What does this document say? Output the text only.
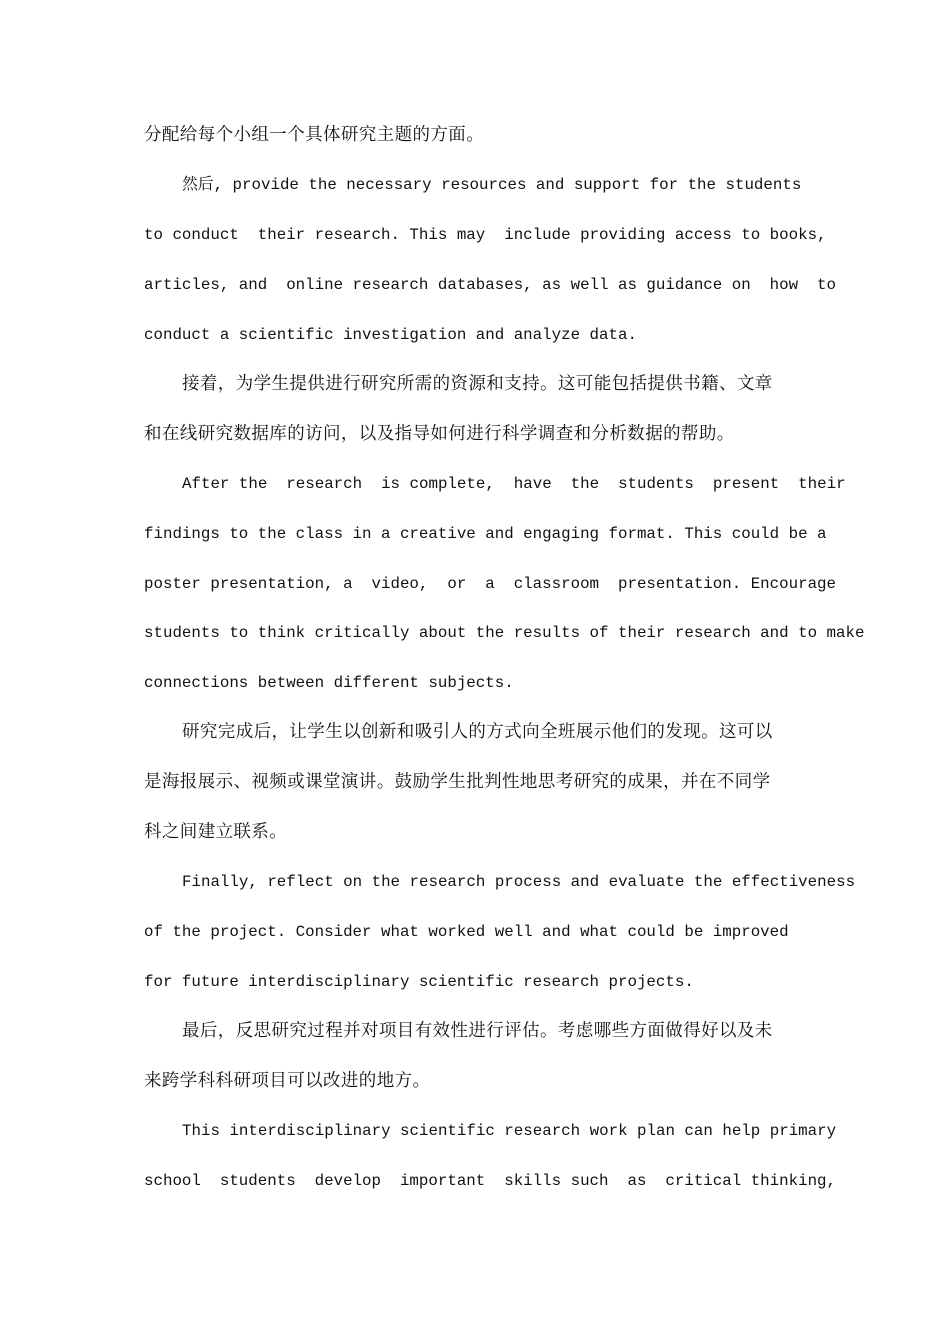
分配给每个小组一个具体研究主题的方面。
然后, provide the necessary resources and support for the students
to conduct  their research. This may  include providing access to books,
articles, and  online research databases, as well as guidance on  how  to
conduct a scientific investigation and analyze data.
接着，为学生提供进行研究所需的资源和支持。这可能包括提供书籍、文章
和在线研究数据库的访问，以及指导如何进行科学调查和分析数据的帮助。
After the  research  is complete,  have  the  students  present  their
findings to the class in a creative and engaging format. This could be a
poster presentation, a  video,  or  a  classroom  presentation. Encourage
students to think critically about the results of their research and to make
connections between different subjects.
研究完成后，让学生以创新和吸引人的方式向全班展示他们的发现。这可以
是海报展示、视频或课堂演讲。鼓励学生批判性地思考研究的成果，并在不同学
科之间建立联系。
Finally, reflect on the research process and evaluate the effectiveness
of the project. Consider what worked well and what could be improved
for future interdisciplinary scientific research projects.
最后，反思研究过程并对项目有效性进行评估。考虑哪些方面做得好以及未
来跨学科科研项目可以改进的地方。
This interdisciplinary scientific research work plan can help primary
school  students  develop  important  skills such  as  critical thinking,
